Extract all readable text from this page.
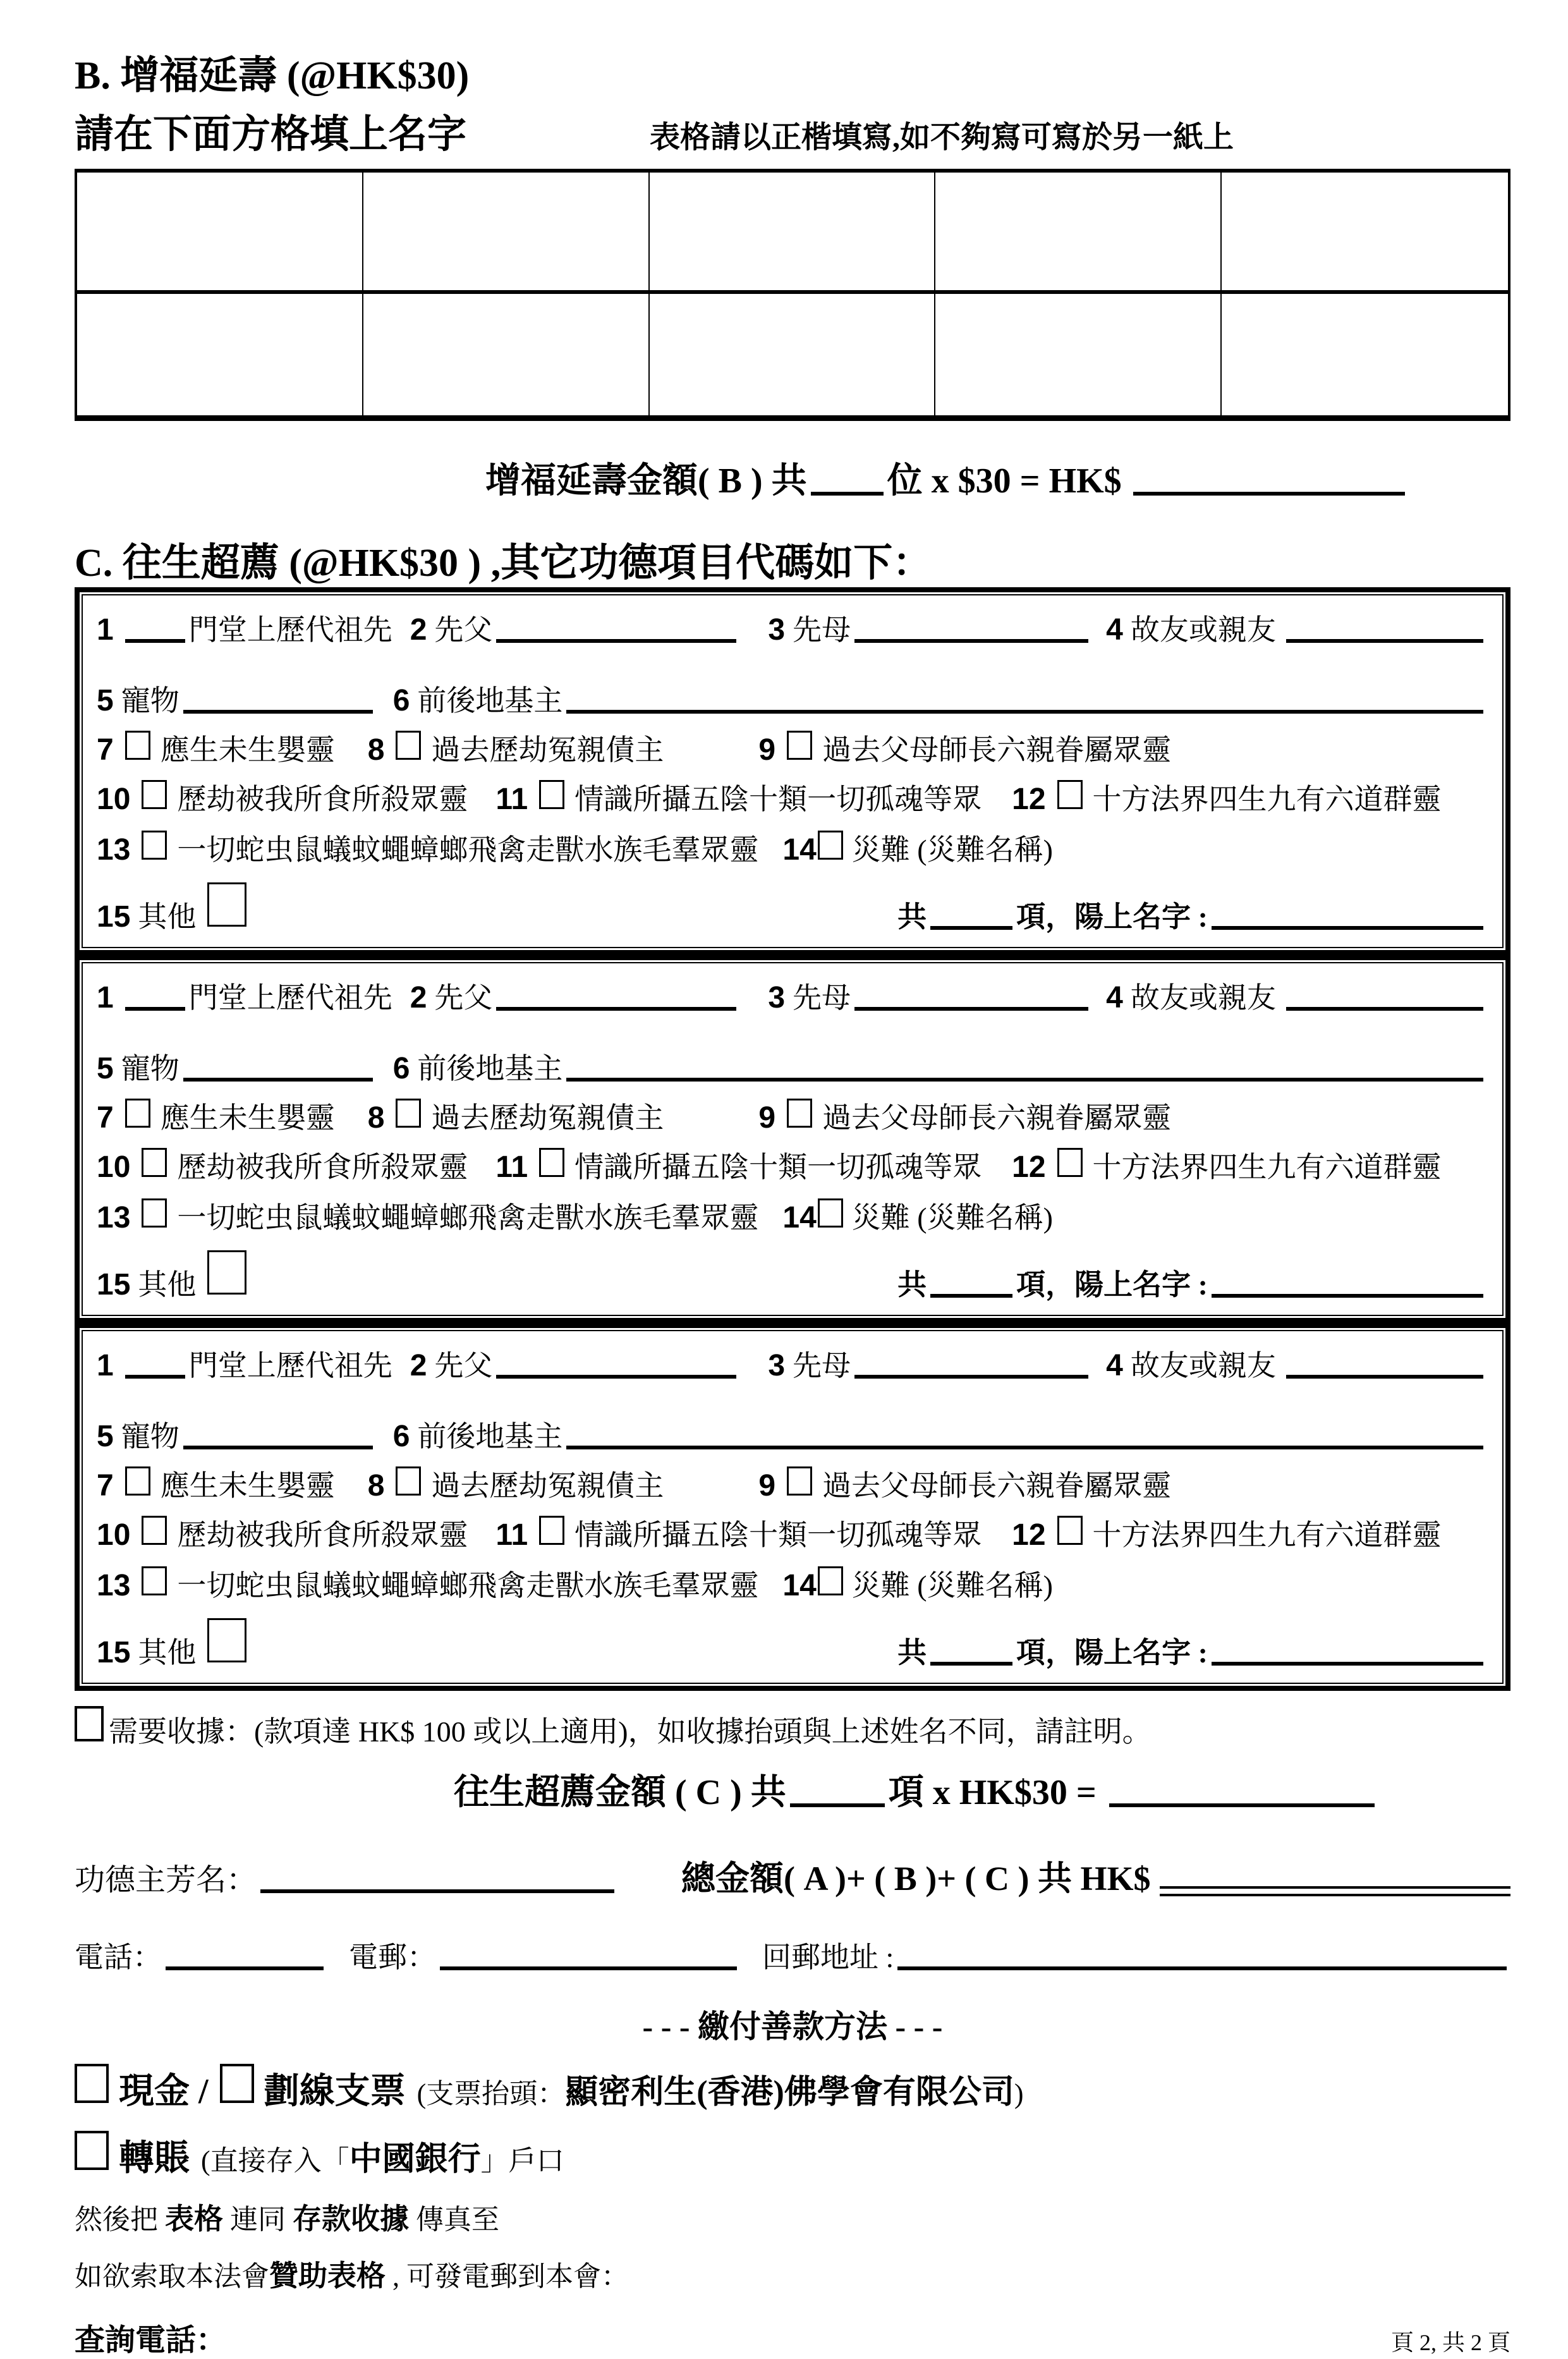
B. 增福延壽 (@HK$30)
請在下面方格填上名字	表格請以正楷填寫,如不夠寫可寫於另一紙上
增福延壽金額( B ) 共 位 x $30 = HK$
C. 往生超薦 (@HK$30 ) ,其它功德項目代碼如下：
1	門堂上歷代祖先 2 先父	3 先母	4 故友或親友
5 寵物	6 前後地基主
7 應生未生嬰靈 8 過去歷劫冤親債主	9 過去父母師長六親眷屬眾靈
10 歷劫被我所食所殺眾靈 11 情識所攝五陰十類一切孤魂等眾 12 十方法界四生九有六道群靈
13 一切蛇虫鼠蟻蚊蠅蟑螂飛禽走獸水族毛羣眾靈 14 災難 (災難名稱)
15 其他	共	項，陽上名字 :
1	門堂上歷代祖先 2 先父	3 先母	4 故友或親友
5 寵物	6 前後地基主
7 應生未生嬰靈 8 過去歷劫冤親債主	9 過去父母師長六親眷屬眾靈
10 歷劫被我所食所殺眾靈 11 情識所攝五陰十類一切孤魂等眾 12 十方法界四生九有六道群靈
13 一切蛇虫鼠蟻蚊蠅蟑螂飛禽走獸水族毛羣眾靈 14 災難 (災難名稱)
15 其他	共	項，陽上名字 :
1	門堂上歷代祖先 2 先父	3 先母	4 故友或親友
5 寵物	6 前後地基主
7 應生未生嬰靈 8 過去歷劫冤親債主	9 過去父母師長六親眷屬眾靈
10 歷劫被我所食所殺眾靈 11 情識所攝五陰十類一切孤魂等眾 12 十方法界四生九有六道群靈
13 一切蛇虫鼠蟻蚊蠅蟑螂飛禽走獸水族毛羣眾靈 14 災難 (災難名稱)
15 其他	共	項，陽上名字 :
需要收據： (款項達 HK$ 100 或以上適用)，如收據抬頭與上述姓名不同，請註明。
往生超薦金額 ( C ) 共	項 x HK$30 =
功德主芳名：	總金額( A )+ ( B )+ ( C ) 共 HK$
電話：	電郵：	回郵地址 :
- - - 繳付善款方法 - - -
現金 / 劃線支票 (支票抬頭： 顯密利生(香港)佛學會有限公司 )
轉賬 (直接存入「 中國銀行 」戶口
然後把 表格 連同 存款收據 傳真至
如欲索取本法會贊助表格 , 可發電郵到本會：
查詢電話：	頁 2, 共 2 頁
